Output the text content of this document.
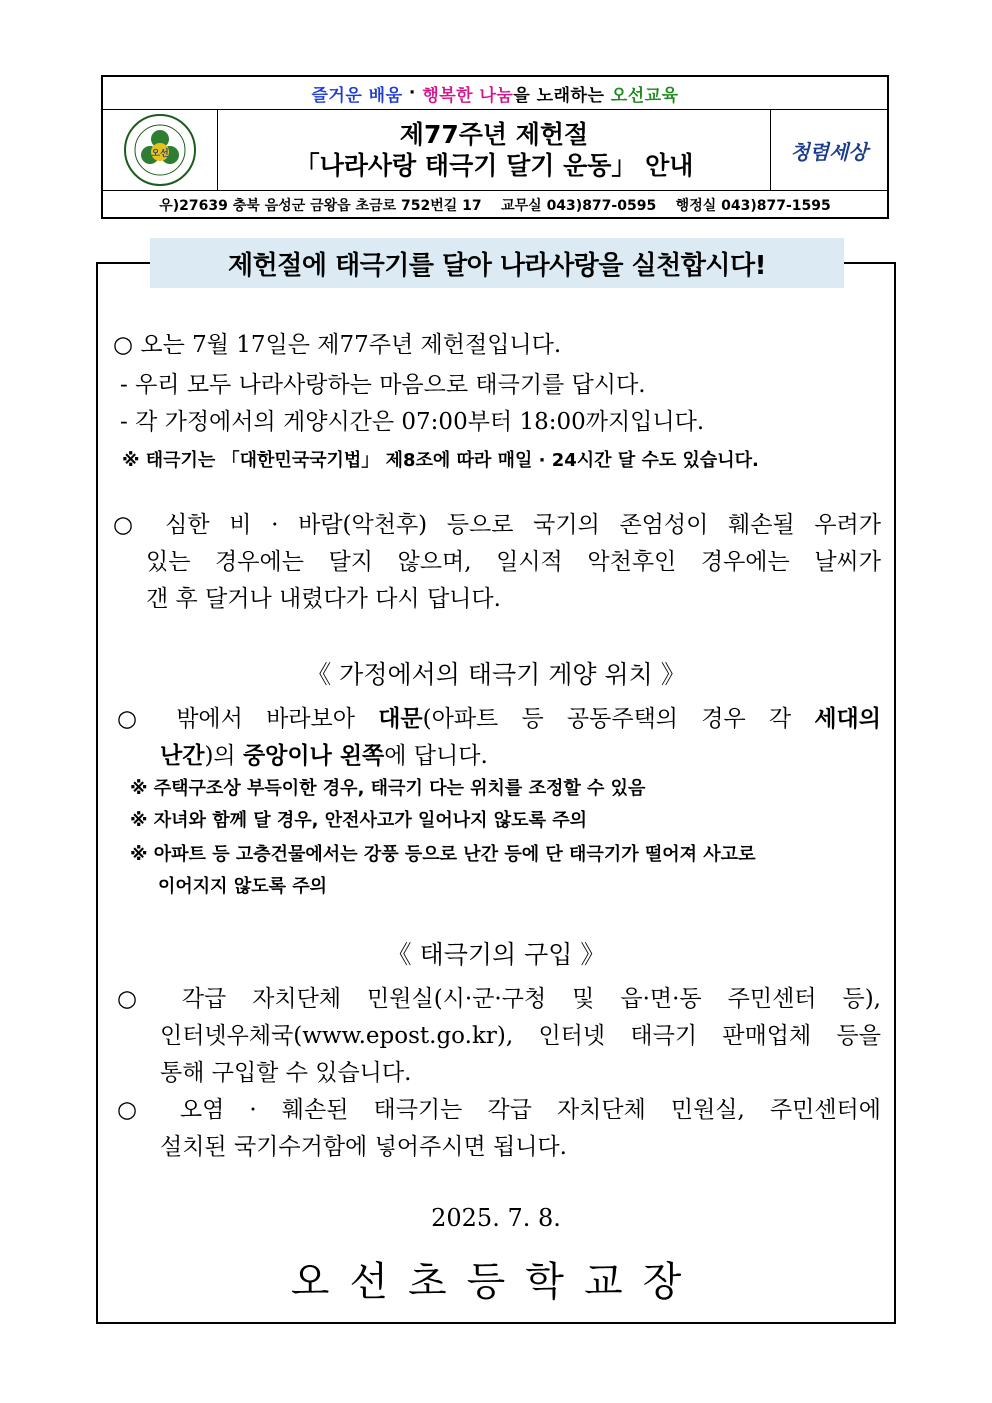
즐거운 배움 · 행복한 나눔 을 노래하는 오선교육
오선
제77주년 제헌절
「나라사랑 태극기 달기 운동」 안내	청렴세상
우)27639 충북 음성군 금왕읍 초금로 752번길 17    교무실 043)877-0595    행정실 043)877-1595
제헌절에 태극기를 달아 나라사랑을 실천합시다!
○ 오는 7월 17일은 제77주년 제헌절입니다.
- 우리 모두 나라사랑하는 마음으로 태극기를 답시다.
- 각 가정에서의 게양시간은 07:00부터 18:00까지입니다.
※ 태극기는 「대한민국국기법」 제8조에 따라 매일 · 24시간 달 수도 있습니다.
○ 심한 비 · 바람(악천후) 등으로 국기의 존엄성이 훼손될 우려가
있는 경우에는 달지 않으며, 일시적 악천후인 경우에는 날씨가
갠 후 달거나 내렸다가 다시 답니다.
《 가정에서의 태극기 게양 위치 》
○ 밖에서 바라보아 대문(아파트 등 공동주택의 경우 각 세대의
난간)의 중앙이나 왼쪽에 답니다.
※ 주택구조상 부득이한 경우, 태극기 다는 위치를 조정할 수 있음
※ 자녀와 함께 달 경우, 안전사고가 일어나지 않도록 주의
※ 아파트 등 고층건물에서는 강풍 등으로 난간 등에 단 태극기가 떨어져 사고로
이어지지 않도록 주의
《 태극기의 구입 》
○ 각급 자치단체 민원실(시·군·구청 및 읍·면·동 주민센터 등),
인터넷우체국(www.epost.go.kr), 인터넷 태극기 판매업체 등을
통해 구입할 수 있습니다.
○ 오염 · 훼손된 태극기는 각급 자치단체 민원실, 주민센터에
설치된 국기수거함에 넣어주시면 됩니다.
2025. 7. 8.
오선초등학교장
